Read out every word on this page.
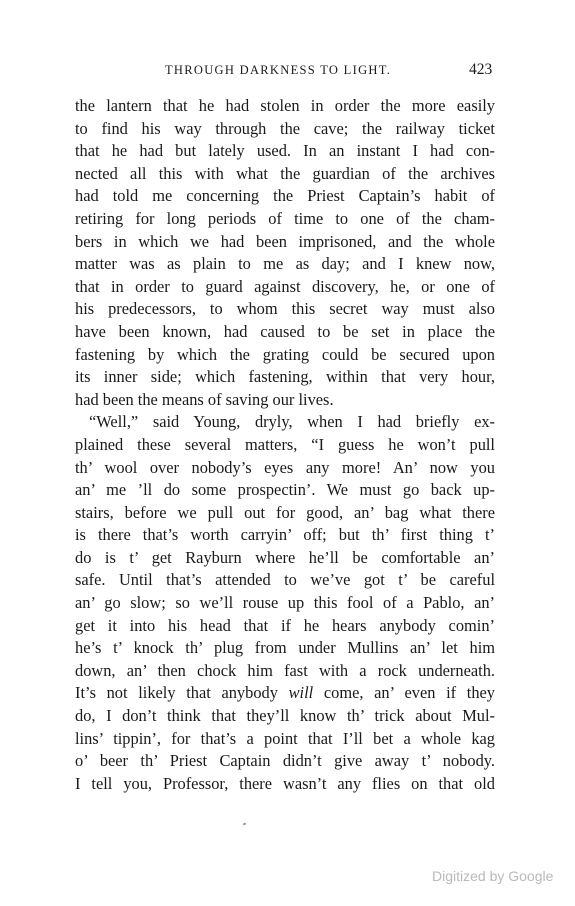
THROUGH DARKNESS TO LIGHT.	423
the lantern that he had stolen in order the more easily
to find his way through the cave; the railway ticket
that he had but lately used. In an instant I had con-
nected all this with what the guardian of the archives
had told me concerning the Priest Captain’s habit of
retiring for long periods of time to one of the cham-
bers in which we had been imprisoned, and the whole
matter was as plain to me as day; and I knew now,
that in order to guard against discovery, he, or one of
his predecessors, to whom this secret way must also
have been known, had caused to be set in place the
fastening by which the grating could be secured upon
its inner side; which fastening, within that very hour,
had been the means of saving our lives.
“Well,” said Young, dryly, when I had briefly ex-
plained these several matters, “I guess he won’t pull
th’ wool over nobody’s eyes any more! An’ now you
an’ me ’ll do some prospectin’. We must go back up-
stairs, before we pull out for good, an’ bag what there
is there that’s worth carryin’ off; but th’ first thing t’
do is t’ get Rayburn where he’ll be comfortable an’
safe. Until that’s attended to we’ve got t’ be careful
an’ go slow; so we’ll rouse up this fool of a Pablo, an’
get it into his head that if he hears anybody comin’
he’s t’ knock th’ plug from under Mullins an’ let him
down, an’ then chock him fast with a rock underneath.
It’s not likely that anybody will come, an’ even if they
do, I don’t think that they’ll know th’ trick about Mul-
lins’ tippin’, for that’s a point that I’ll bet a whole kag
o’ beer th’ Priest Captain didn’t give away t’ nobody.
I tell you, Professor, there wasn’t any flies on that old
Digitized by Google
